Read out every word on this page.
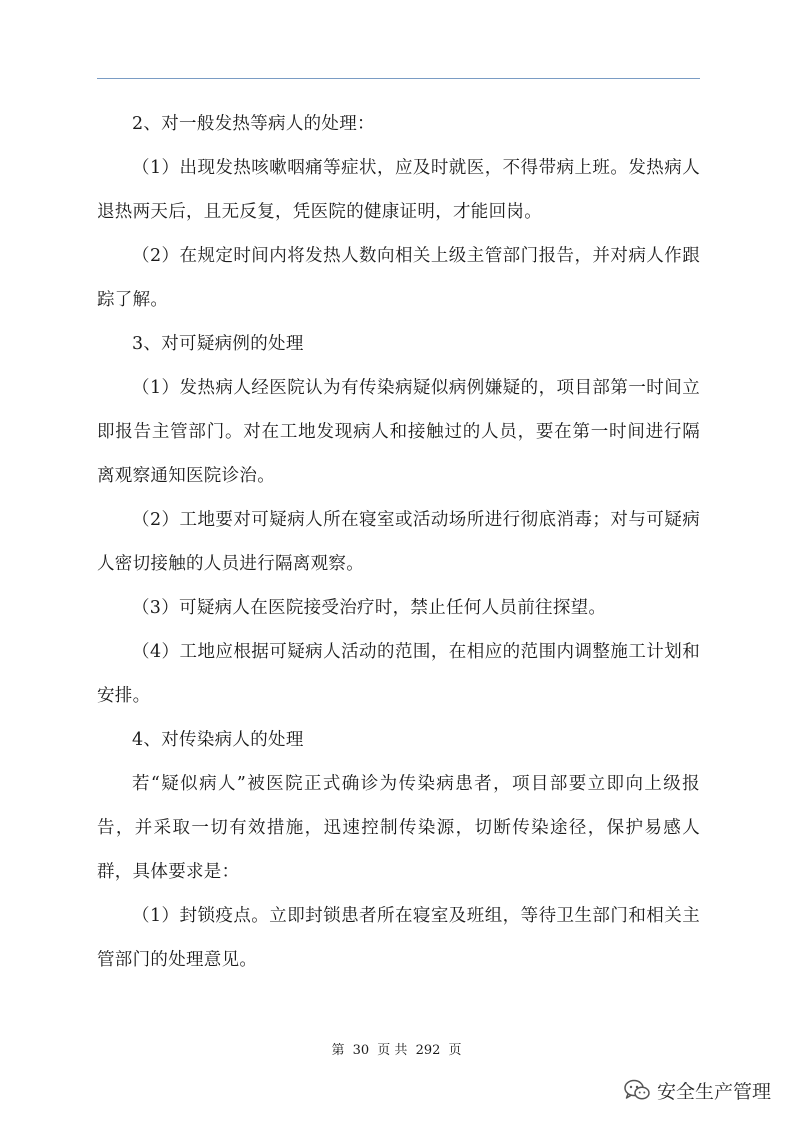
2、对一般发热等病人的处理：

（1）出现发热咳嗽咽痛等症状，应及时就医，不得带病上班。发热病人退热两天后，且无反复，凭医院的健康证明，才能回岗。

（2）在规定时间内将发热人数向相关上级主管部门报告，并对病人作跟踪了解。

3、对可疑病例的处理

（1）发热病人经医院认为有传染病疑似病例嫌疑的，项目部第一时间立即报告主管部门。对在工地发现病人和接触过的人员，要在第一时间进行隔离观察通知医院诊治。

（2）工地要对可疑病人所在寝室或活动场所进行彻底消毒；对与可疑病人密切接触的人员进行隔离观察。

（3）可疑病人在医院接受治疗时，禁止任何人员前往探望。

（4）工地应根据可疑病人活动的范围，在相应的范围内调整施工计划和安排。

4、对传染病人的处理

若“疑似病人”被医院正式确诊为传染病患者，项目部要立即向上级报告，并采取一切有效措施，迅速控制传染源，切断传染途径，保护易感人群，具体要求是：

（1）封锁疫点。立即封锁患者所在寝室及班组，等待卫生部门和相关主管部门的处理意见。

第 30 页 共 292 页
安全生产管理
